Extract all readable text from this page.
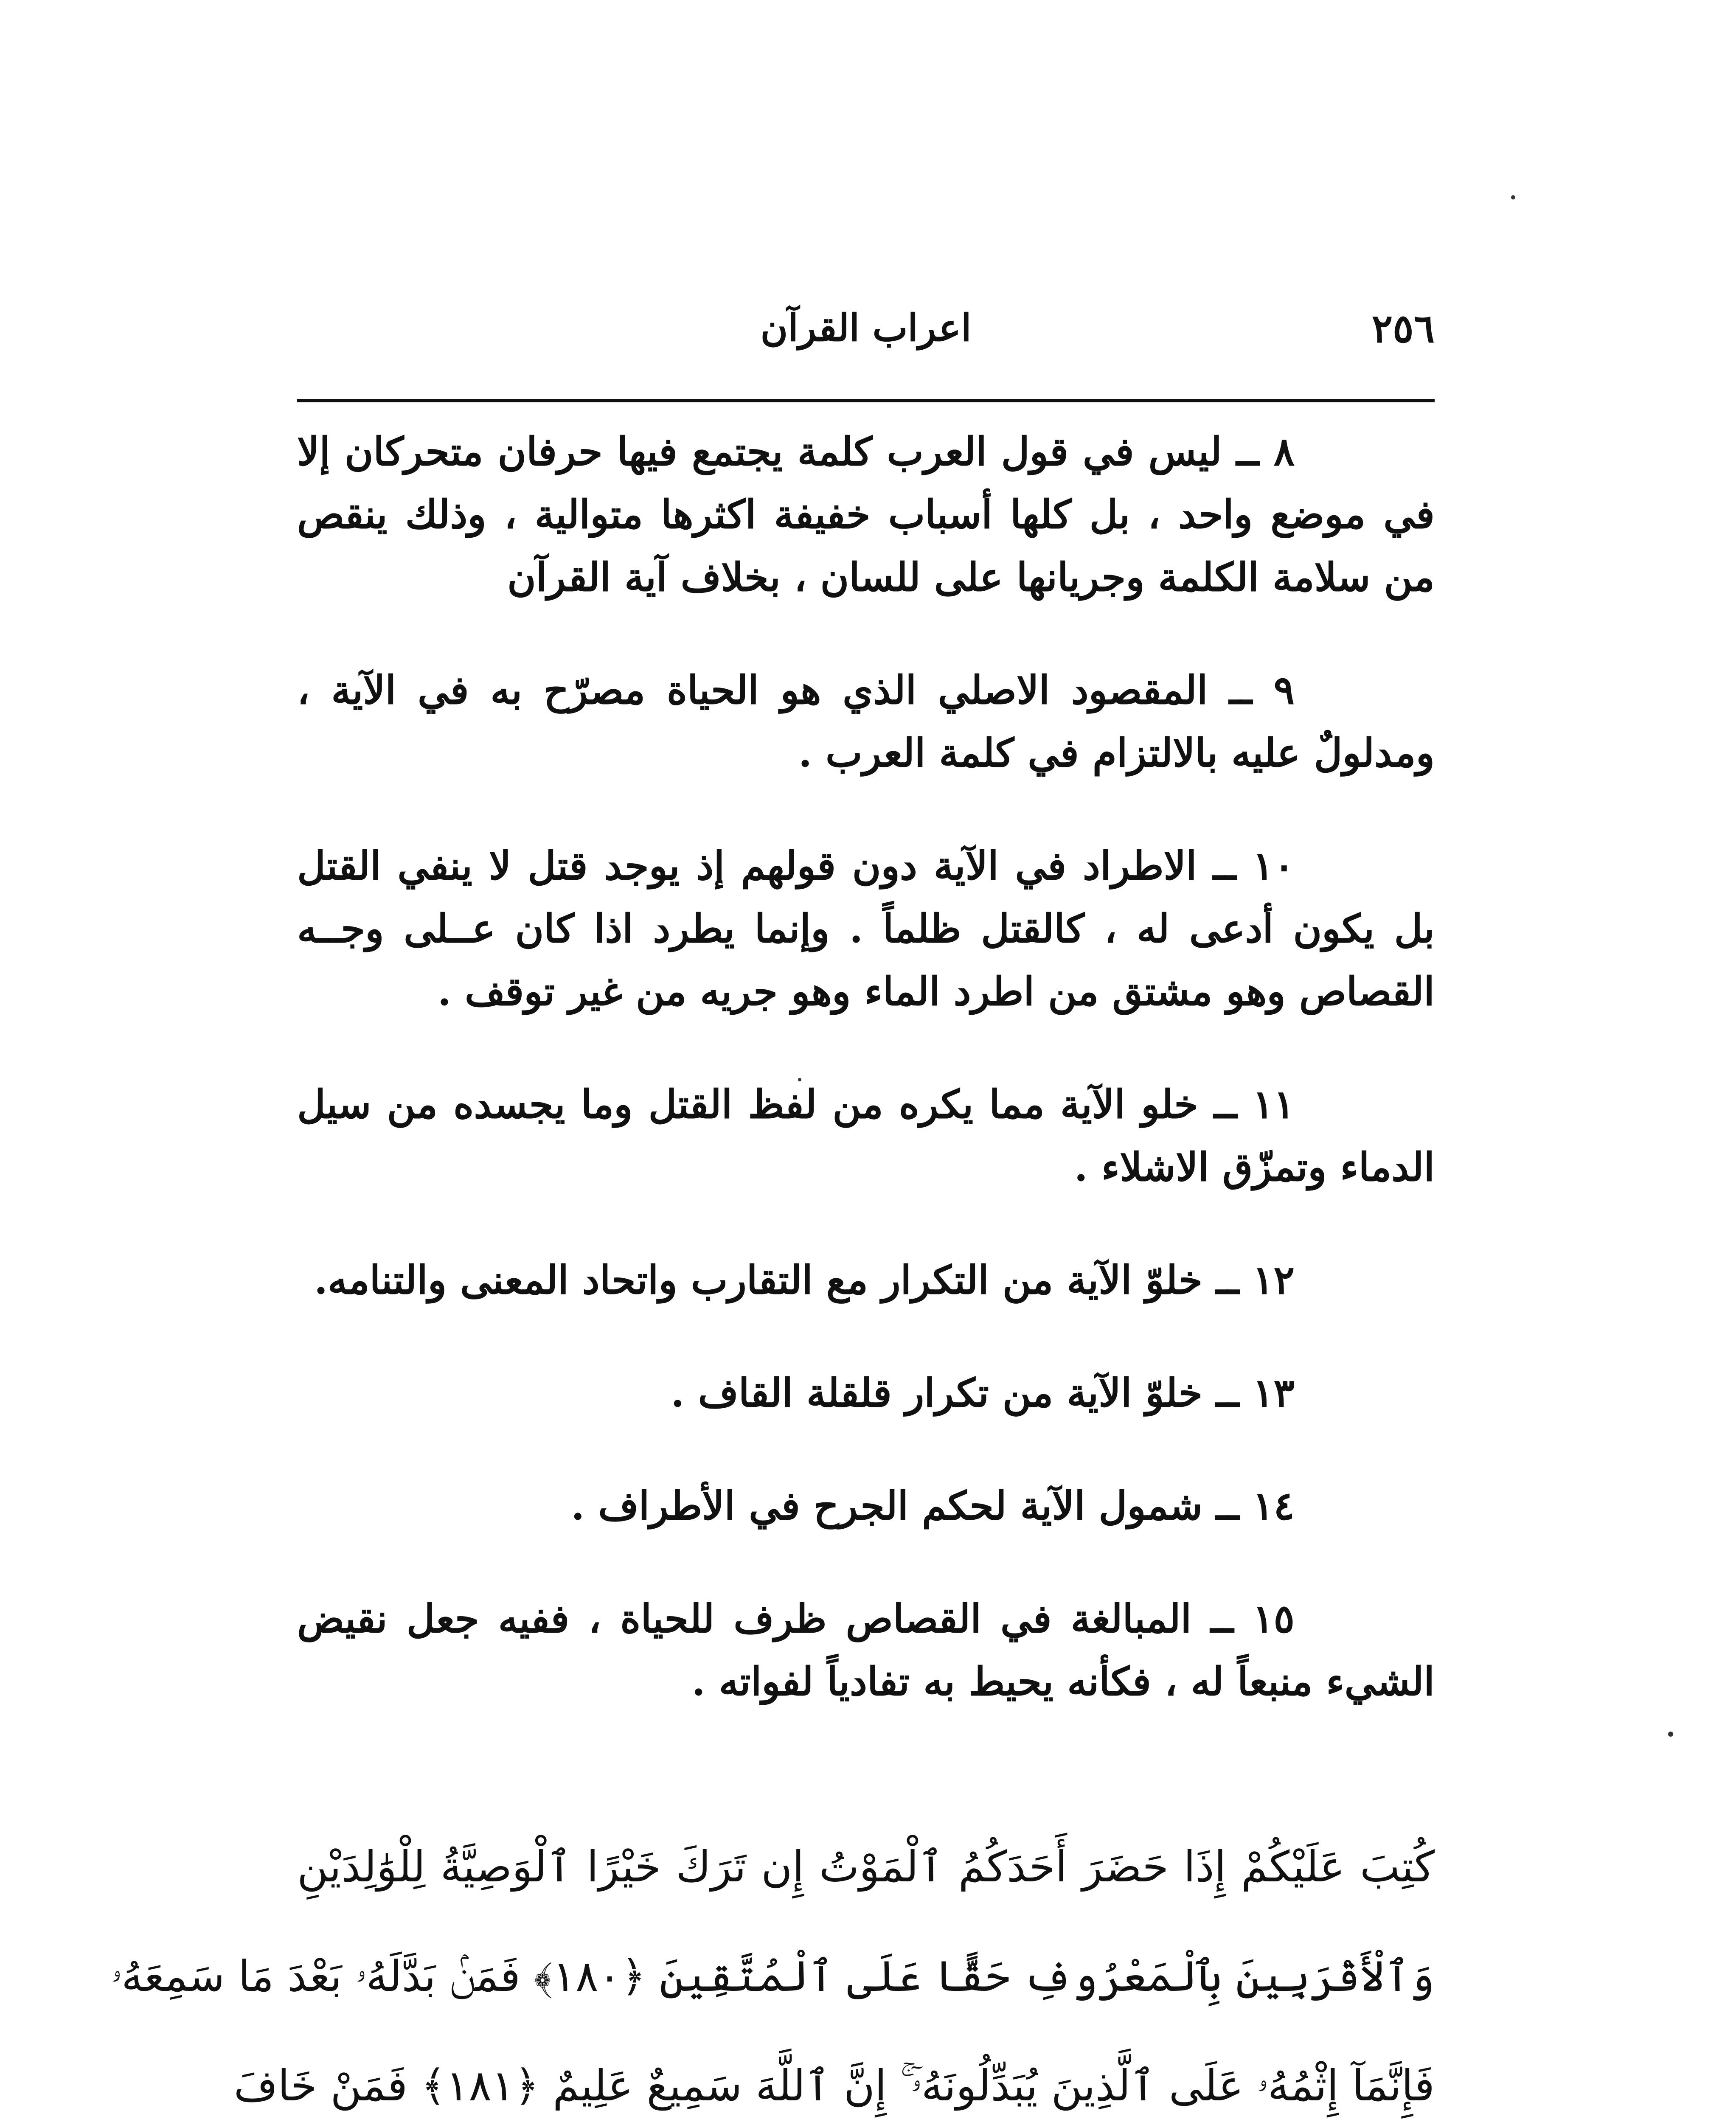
٢٥٦
اعراب القرآن

٨ ــ ليس في قول العرب كلمة يجتمع فيها حرفان متحركان إلا في موضع واحد ، بل كلها أسباب خفيفة اكثرها متوالية ، وذلك ينقص من سلامة الكلمة وجريانها على للسان ، بخلاف آية القرآن

٩ ــ المقصود الاصلي الذي هو الحياة مصرّح به في الآية ، ومدلولٌ عليه بالالتزام في كلمة العرب .

١٠ ــ الاطراد في الآية دون قولهم إذ يوجد قتل لا ينفي القتل بل يكون أدعى له ، كالقتل ظلماً . وإنما يطرد اذا كان عــلى وجــه القصاص وهو مشتق من اطرد الماء وهو جريه من غير توقف .

١١ ــ خلو الآية مما يكره من لفظ القتل وما يجسده من سيل الدماء وتمزّق الاشلاء .

١٢ ــ خلوّ الآية من التكرار مع التقارب واتحاد المعنى والتنامه.

١٣ ــ خلوّ الآية من تكرار قلقلة القاف .

١٤ ــ شمول الآية لحكم الجرح في الأطراف .

١٥ ــ المبالغة في القصاص ظرف للحياة ، ففيه جعل نقيض الشيء منبعاً له ، فكأنه يحيط به تفادياً لفواته .

كُتِبَ عَلَيْكُمْ إِذَا حَضَرَ أَحَدَكُمُ ٱلْمَوْتُ إِن تَرَكَ خَيْرًا ٱلْوَصِيَّةُ لِلْوَٰلِدَيْنِ
وَٱلْأَقْرَبِينَ بِٱلْمَعْرُوفِ حَقًّا عَلَى ٱلْمُتَّقِينَ ﴿١٨٠﴾ فَمَنۢ بَدَّلَهُۥ بَعْدَ مَا سَمِعَهُۥ
فَإِنَّمَآ إِثْمُهُۥ عَلَى ٱلَّذِينَ يُبَدِّلُونَهُۥٓ ۚ إِنَّ ٱللَّهَ سَمِيعٌ عَلِيمٌ ﴿١٨١﴾ فَمَنْ خَافَ
